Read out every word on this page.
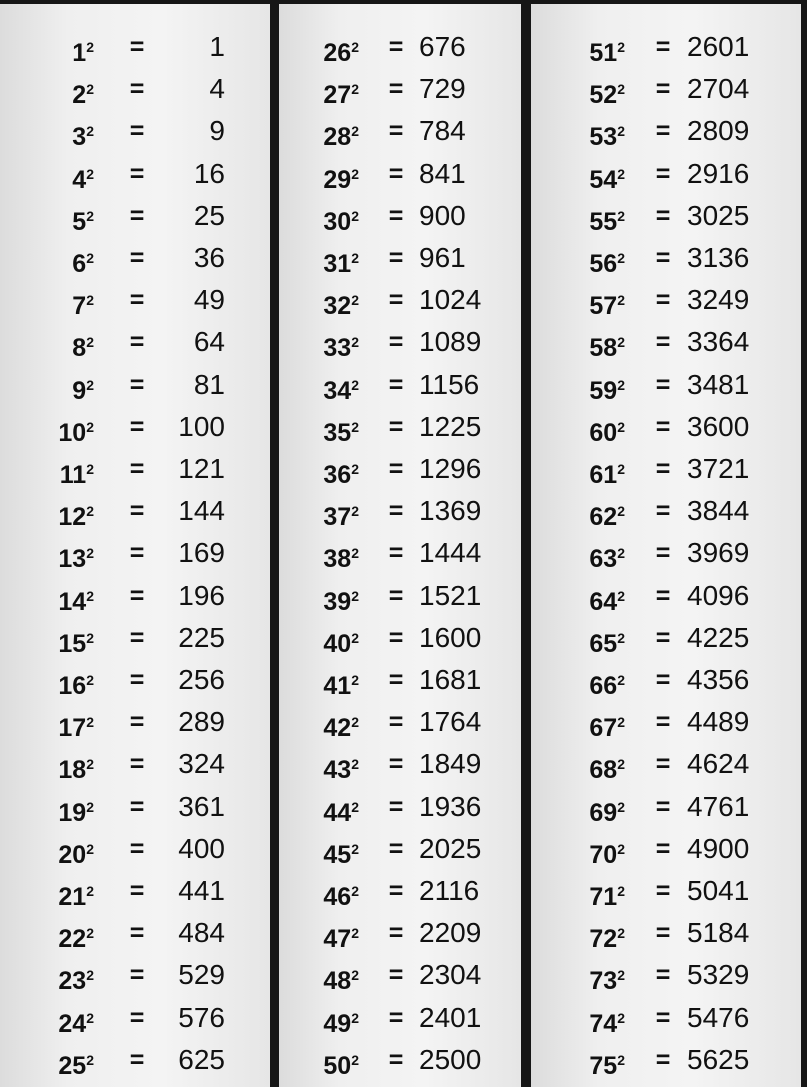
$1^2 = 1$
$2^2 = 4$
$3^2 = 9$
$4^2 = 16$
$5^2 = 25$
$6^2 = 36$
$7^2 = 49$
$8^2 = 64$
$9^2 = 81$
$10^2 = 100$
$11^2 = 121$
$12^2 = 144$
$13^2 = 169$
$14^2 = 196$
$15^2 = 225$
$16^2 = 256$
$17^2 = 289$
$18^2 = 324$
$19^2 = 361$
$20^2 = 400$
$21^2 = 441$
$22^2 = 484$
$23^2 = 529$
$24^2 = 576$
$25^2 = 625$
$26^2 = 676$
$27^2 = 729$
$28^2 = 784$
$29^2 = 841$
$30^2 = 900$
$31^2 = 961$
$32^2 = 1024$
$33^2 = 1089$
$34^2 = 1156$
$35^2 = 1225$
$36^2 = 1296$
$37^2 = 1369$
$38^2 = 1444$
$39^2 = 1521$
$40^2 = 1600$
$41^2 = 1681$
$42^2 = 1764$
$43^2 = 1849$
$44^2 = 1936$
$45^2 = 2025$
$46^2 = 2116$
$47^2 = 2209$
$48^2 = 2304$
$49^2 = 2401$
$50^2 = 2500$
$51^2 = 2601$
$52^2 = 2704$
$53^2 = 2809$
$54^2 = 2916$
$55^2 = 3025$
$56^2 = 3136$
$57^2 = 3249$
$58^2 = 3364$
$59^2 = 3481$
$60^2 = 3600$
$61^2 = 3721$
$62^2 = 3844$
$63^2 = 3969$
$64^2 = 4096$
$65^2 = 4225$
$66^2 = 4356$
$67^2 = 4489$
$68^2 = 4624$
$69^2 = 4761$
$70^2 = 4900$
$71^2 = 5041$
$72^2 = 5184$
$73^2 = 5329$
$74^2 = 5476$
$75^2 = 5625$
